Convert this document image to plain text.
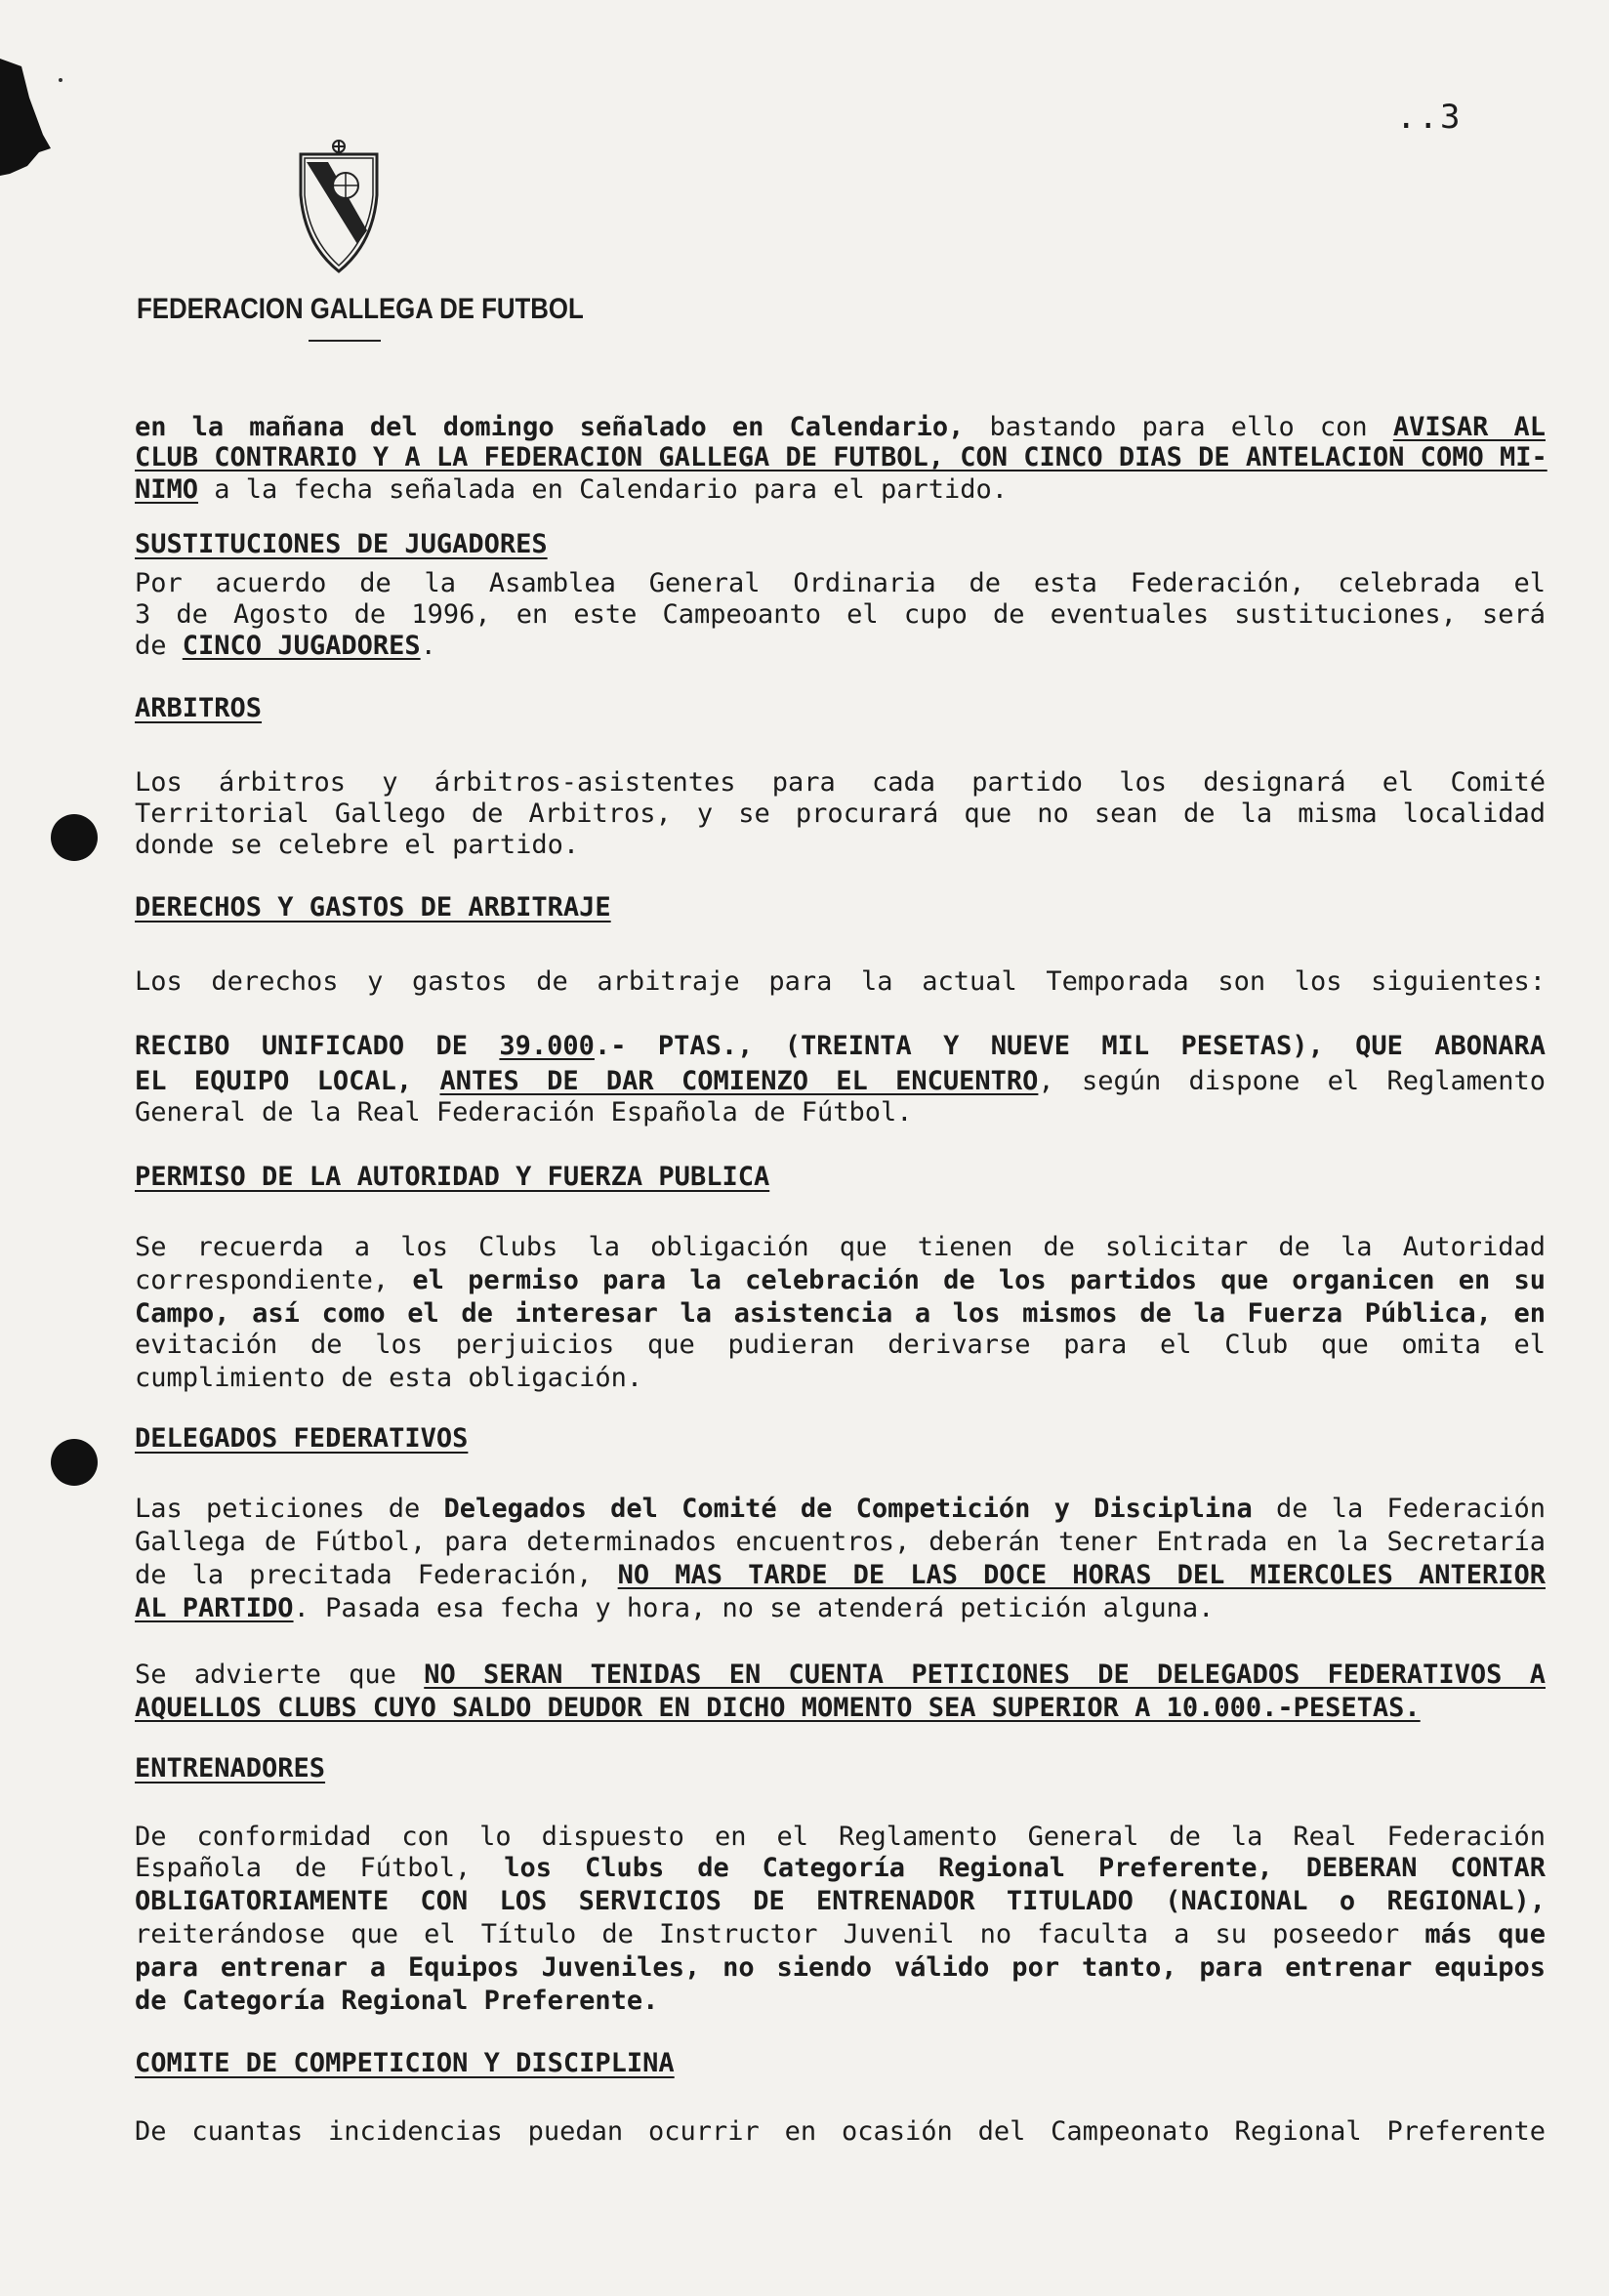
..3
FEDERACION GALLEGA DE FUTBOL
en la mañana del domingo señalado en Calendario, bastando para ello con AVISAR AL
CLUB CONTRARIO Y A LA FEDERACION GALLEGA DE FUTBOL, CON CINCO DIAS DE ANTELACION COMO MI-
NIMO a la fecha señalada en Calendario para el partido.
SUSTITUCIONES DE JUGADORES
Por acuerdo de la Asamblea General Ordinaria de esta Federación, celebrada el
3 de Agosto de 1996, en este Campeoanto el cupo de eventuales sustituciones, será
de CINCO JUGADORES.
ARBITROS
Los árbitros y árbitros-asistentes para cada partido los designará el Comité
Territorial Gallego de Arbitros, y se procurará que no sean de la misma localidad
donde se celebre el partido.
DERECHOS Y GASTOS DE ARBITRAJE
Los derechos y gastos de arbitraje para la actual Temporada son los siguientes:
RECIBO UNIFICADO DE 39.000.- PTAS., (TREINTA Y NUEVE MIL PESETAS), QUE ABONARA
EL EQUIPO LOCAL, ANTES DE DAR COMIENZO EL ENCUENTRO, según dispone el Reglamento
General de la Real Federación Española de Fútbol.
PERMISO DE LA AUTORIDAD Y FUERZA PUBLICA
Se recuerda a los Clubs la obligación que tienen de solicitar de la Autoridad
correspondiente, el permiso para la celebración de los partidos que organicen en su
Campo, así como el de interesar la asistencia a los mismos de la Fuerza Pública, en
evitación de los perjuicios que pudieran derivarse para el Club que omita el
cumplimiento de esta obligación.
DELEGADOS FEDERATIVOS
Las peticiones de Delegados del Comité de Competición y Disciplina de la Federación
Gallega de Fútbol, para determinados encuentros, deberán tener Entrada en la Secretaría
de la precitada Federación, NO MAS TARDE DE LAS DOCE HORAS DEL MIERCOLES ANTERIOR
AL PARTIDO. Pasada esa fecha y hora, no se atenderá petición alguna.
Se advierte que NO SERAN TENIDAS EN CUENTA PETICIONES DE DELEGADOS FEDERATIVOS A
AQUELLOS CLUBS CUYO SALDO DEUDOR EN DICHO MOMENTO SEA SUPERIOR A 10.000.-PESETAS.
ENTRENADORES
De conformidad con lo dispuesto en el Reglamento General de la Real Federación
Española de Fútbol, los Clubs de Categoría Regional Preferente, DEBERAN CONTAR
OBLIGATORIAMENTE CON LOS SERVICIOS DE ENTRENADOR TITULADO (NACIONAL o REGIONAL),
reiterándose que el Título de Instructor Juvenil no faculta a su poseedor más que
para entrenar a Equipos Juveniles, no siendo válido por tanto, para entrenar equipos
de Categoría Regional Preferente.
COMITE DE COMPETICION Y DISCIPLINA
De cuantas incidencias puedan ocurrir en ocasión del Campeonato Regional Preferente
